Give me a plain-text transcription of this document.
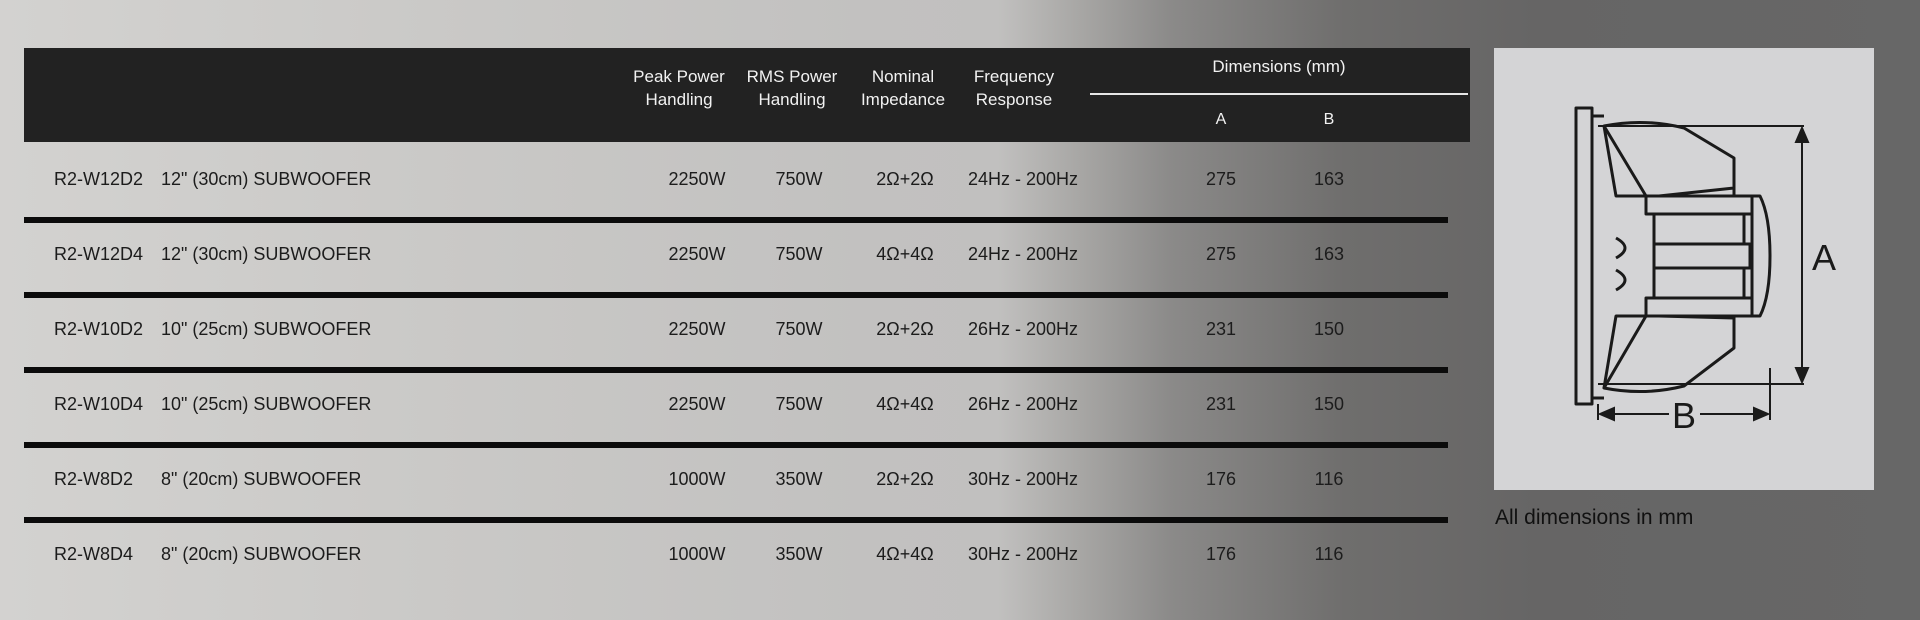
Peak Power
Handling
RMS Power
Handling
Nominal
Impedance
Frequency
Response
Dimensions (mm)
A	B
R2-W12D2 12" (30cm) SUBWOOFER	2250W	750W	2Ω+2Ω 24Hz - 200Hz	275	163
R2-W12D4 12" (30cm) SUBWOOFER	2250W	750W	4Ω+4Ω 24Hz - 200Hz	275	163
R2-W10D2 10" (25cm) SUBWOOFER	2250W	750W	2Ω+2Ω 26Hz - 200Hz	231	150
R2-W10D4 10" (25cm) SUBWOOFER	2250W	750W	4Ω+4Ω 26Hz - 200Hz	231	150
R2-W8D2 8" (20cm) SUBWOOFER	1000W	350W	2Ω+2Ω 30Hz - 200Hz	176	116
R2-W8D4 8" (20cm) SUBWOOFER	1000W	350W	4Ω+4Ω 30Hz - 200Hz	176	116
A
B
All dimensions in mm
